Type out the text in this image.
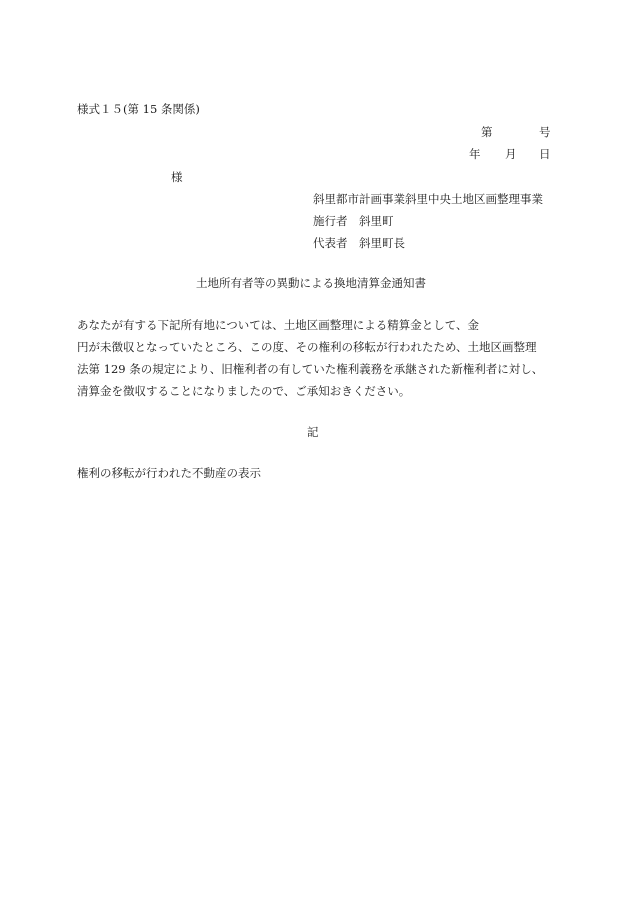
様式１５(第 15 条関係)
第	号
年 月 日
様
斜里都市計画事業斜里中央土地区画整理事業
施行者　斜里町
代表者　斜里町長
土地所有者等の異動による換地清算金通知書
あなたが有する下記所有地については、土地区画整理による精算金として、金
円が未徴収となっていたところ、この度、その権利の移転が行われたため、土地区画整理
法第 129 条の規定により、旧権利者の有していた権利義務を承継された新権利者に対し、
清算金を徴収することになりましたので、ご承知おきください。
記
権利の移転が行われた不動産の表示
